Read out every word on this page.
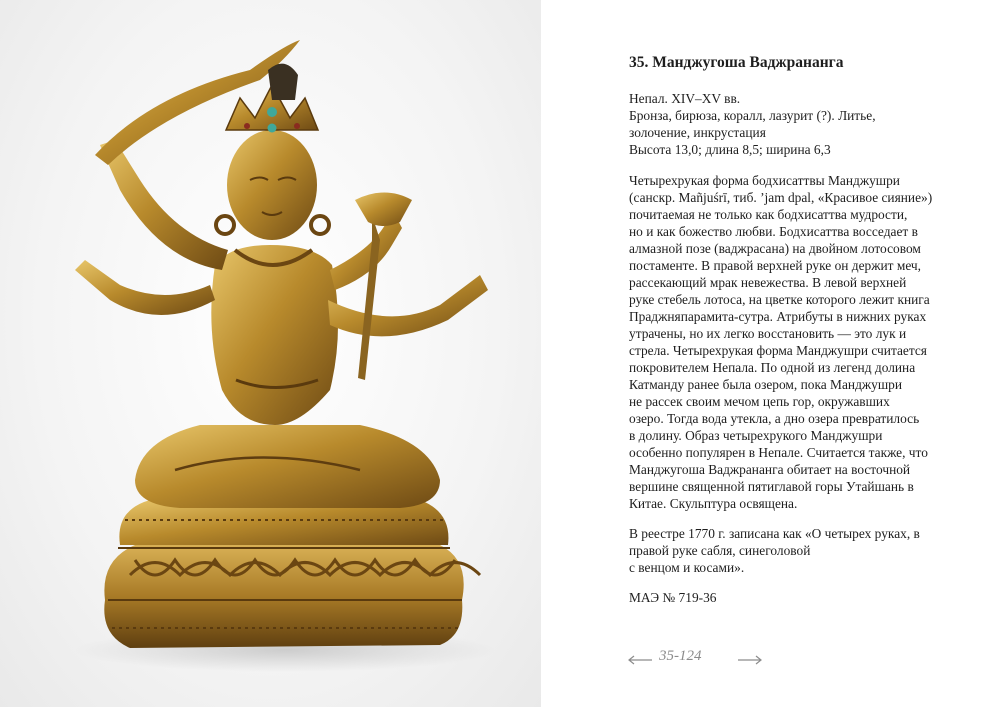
35. Манджугоша Ваджрананга
Непал. XIV–XV вв.
Бронза, бирюза, коралл, лазурит (?). Литье,
золочение, инкрустация
Высота 13,0; длина 8,5; ширина 6,3
Четырехрукая форма бодхисаттвы Манджушри
(санскр. Mañjuśrī, тиб. ’jam dpal, «Красивое сияние»)
почитаемая не только как бодхисаттва мудрости,
но и как божество любви. Бодхисаттва восседает в
алмазной позе (ваджрасана) на двойном лотосовом
постаменте. В правой верхней руке он держит меч,
рассекающий мрак невежества. В левой верхней
руке стебель лотоса, на цветке которого лежит книга
Праджняпарамита-сутра. Атрибуты в нижних руках
утрачены, но их легко восстановить — это лук и
стрела. Четырехрукая форма Манджушри считается
покровителем Непала. По одной из легенд долина
Катманду ранее была озером, пока Манджушри
не рассек своим мечом цепь гор, окружавших
озеро. Тогда вода утекла, а дно озера превратилось
в долину. Образ четырехрукого Манджушри
особенно популярен в Непале. Считается также, что
Манджугоша Ваджрананга обитает на восточной
вершине священной пятиглавой горы Утайшань в
Китае. Скульптура освящена.
В реестре 1770 г. записана как «О четырех руках, в
правой руке сабля, синеголовой
с венцом и косами».
МАЭ № 719-36
35-124
